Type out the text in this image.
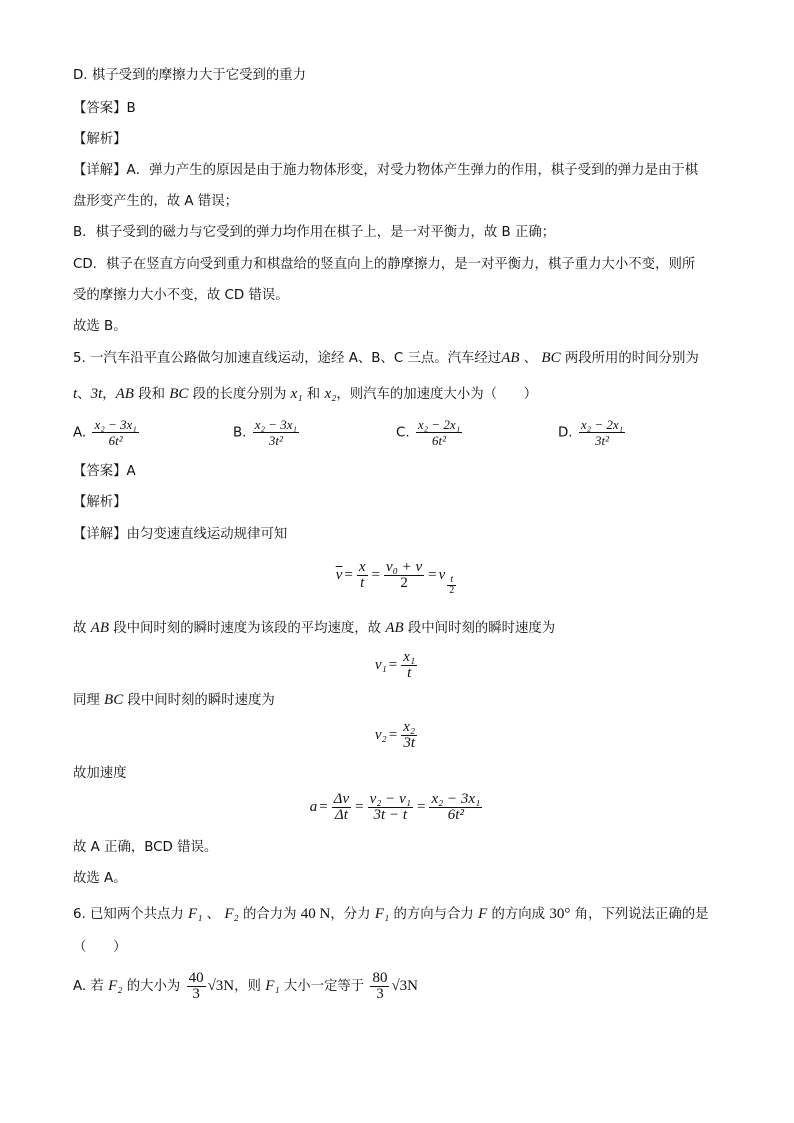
D. 棋子受到的摩擦力大于它受到的重力
【答案】B
【解析】
【详解】A．弹力产生的原因是由于施力物体形变，对受力物体产生弹力的作用，棋子受到的弹力是由于棋
盘形变产生的，故 A 错误；
B．棋子受到的磁力与它受到的弹力均作用在棋子上，是一对平衡力，故 B 正确；
CD．棋子在竖直方向受到重力和棋盘给的竖直向上的静摩擦力，是一对平衡力，棋子重力大小不变，则所
受的摩擦力大小不变，故 CD 错误。
故选 B。
5. 一汽车沿平直公路做匀加速直线运动，途经 A、B、C 三点。汽车经过AB 、 BC 两段所用的时间分别为
t、3t，AB 段和 BC 段的长度分别为 x₁ 和 x₂，则汽车的加速度大小为（　　）
A. $\frac{\text{x₂ − 3x₁}}{\text{6t²}}$	B. $\frac{\text{x₂ − 3x₁}}{\text{3t²}}$	C. $\frac{\text{x₂ − 2x₁}}{\text{6t²}}$	D. $\frac{\text{x₂ − 2x₁}}{\text{3t²}}$
【答案】A
【解析】
【详解】由匀变速直线运动规律可知
$\overline{v} = \frac{x}{t} = \frac{\text{v₀ + v}}{2} = v \frac{t}{2}$
故 AB 段中间时刻的瞬时速度为该段的平均速度，故 AB 段中间时刻的瞬时速度为
$v_1 = \frac{\text{x₁}}{t}$
同理 BC 段中间时刻的瞬时速度为
$v_2 = \frac{\text{x₂}}{3t}$
故加速度
$a = \frac{\Delta v}{\Delta t} = \frac{\text{v₂ − v₁}}{3t - t} = \frac{\text{x₂ − 3x₁}}{\text{6t²}}$
故 A 正确，BCD 错误。
故选 A。
6. 已知两个共点力 F₁ 、 F₂ 的合力为 40 N，分力 F₁ 的方向与合力 F 的方向成 30° 角，下列说法正确的是
（　　）
A. 若 F₂ 的大小为 $\frac{40}{3} √3N$，则 F₁ 大小一定等于 $\frac{80}{3} √3N$
